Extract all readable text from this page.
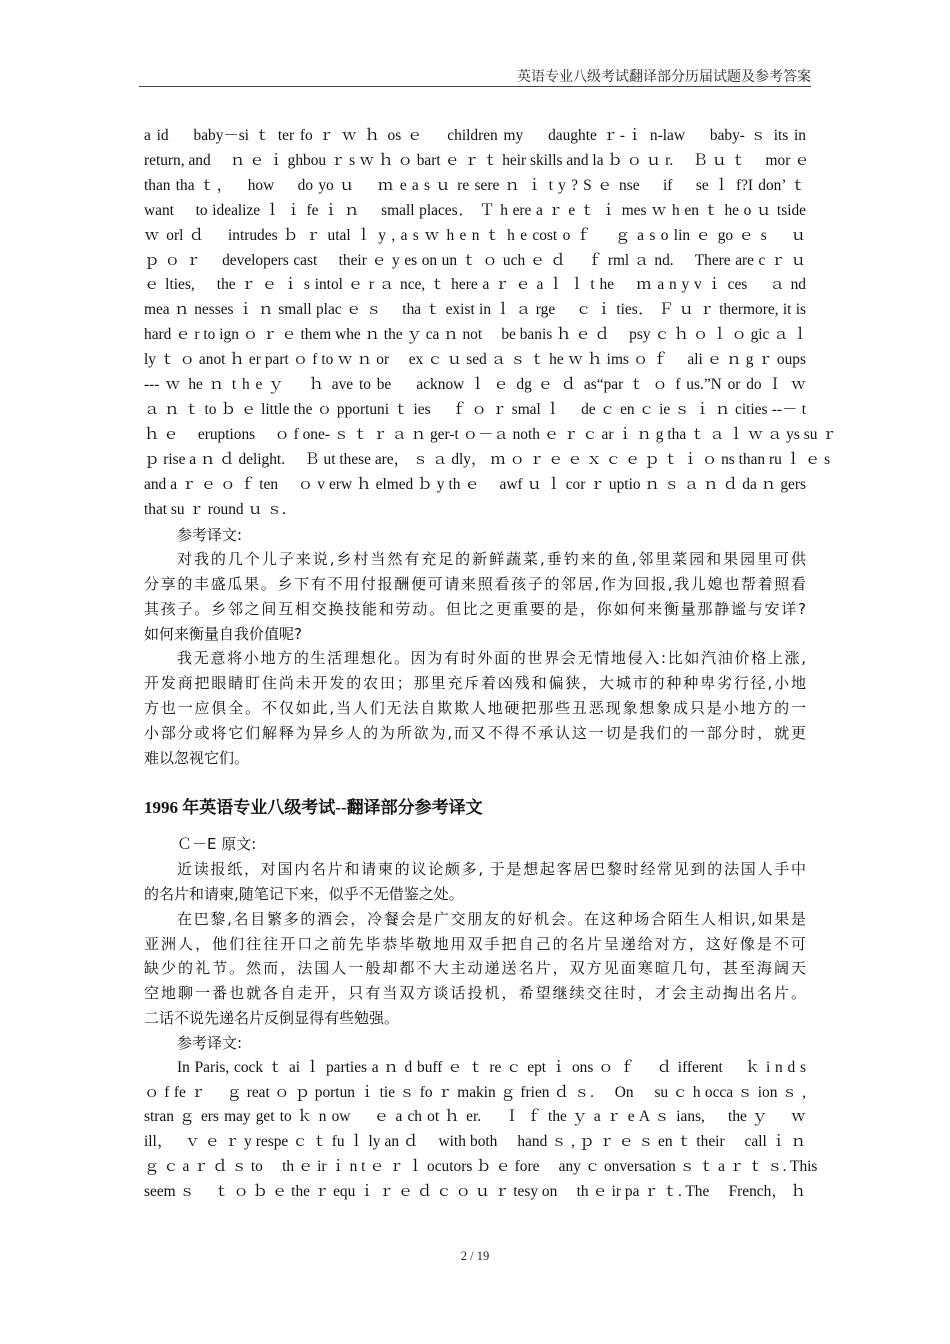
英语专业八级考试翻译部分历届试题及参考答案

a id　 baby－si ｔ ter fo ｒ ｗ ｈ os ｅ　 children my　 daughte ｒ-ｉ n-law　 baby- ｓ its in
return, and　 ｎ ｅ ｉ ghbou ｒ s ｗ ｈ ｏ bart ｅ ｒ ｔ heir skills and la ｂ ｏ ｕ r.　 Ｂ ｕ ｔ　 mor ｅ
than tha ｔ，　 how　 do yo ｕ　 ｍ e a s ｕ re sere ｎ ｉ t y ? S ｅ nse　 if　 se ｌ f?I don’ ｔ
want　 to idealize ｌ ｉ fe ｉ ｎ　 small places． Ｔ h ere a ｒ e ｔ ｉ mes ｗ h en ｔ he o ｕ tside
ｗ orl ｄ　 intrudes ｂ ｒ utal ｌ y , a s ｗ h e n ｔ h e cost o ｆ　 ｇ a s o lin ｅ go ｅ s　 ｕ
ｐ ｏ ｒ　 developers cast　 their ｅ y es on un ｔ ｏ uch ｅ ｄ　 ｆ rml ａ nd.　 There are c ｒ ｕ
ｅ lties,　 the ｒ ｅ ｉ s intol ｅ r ａ nce, ｔ here a ｒ ｅ a ｌ ｌ t he　 ｍ a n y v ｉ ces　 ａ nd
mea ｎ nesses ｉ ｎ small plac ｅ ｓ　 tha ｔ exist in ｌ ａ rge　 ｃ ｉ ties． Ｆ ｕ ｒ thermore, it is
hard ｅ r to ign ｏ ｒ ｅ them whe ｎ the ｙ ca ｎ not　 be banis ｈ ｅ ｄ　 psy ｃ ｈ ｏ ｌ ｏ gic ａ ｌ
ly ｔ ｏ anot ｈ er part ｏ f to ｗ ｎ or　 ex ｃ ｕ sed ａ ｓ ｔ he ｗ ｈ ims ｏ ｆ　 ali ｅ ｎ g ｒ oups
--- ｗ he ｎ t h e ｙ　 ｈ ave to be　 acknow ｌ ｅ dg ｅ ｄ as“par ｔ ｏ f us.”N or do Ｉ ｗ
ａ ｎ ｔ to ｂ ｅ little the ｏ pportuni ｔ ies　 ｆ ｏ ｒ smal ｌ　 de ｃ en ｃ ie ｓ ｉ ｎ cities --－ t
ｈ ｅ　 eruptions　 ｏ f one- ｓ ｔ ｒ ａ ｎ ger-t ｏ－ａ noth ｅ ｒ ｃ ar ｉ ｎ g tha ｔ ａ ｌ ｗ ａ ys su ｒ
ｐ rise a ｎ ｄ delight.　 Ｂ ut these are， ｓ ａ dly， ｍ ｏ ｒ ｅ ｅ ｘ ｃ ｅ ｐ ｔ ｉ ｏ ns than ru ｌ ｅ s
and a ｒ ｅ ｏ ｆ ten　 ｏ v erw ｈ elmed ｂ y th ｅ　 awf ｕ ｌ cor ｒ uptio ｎ ｓ ａ ｎ ｄ da ｎ gers
that su ｒ round ｕ ｓ.

参考译文:

对我的几个儿子来说,乡村当然有充足的新鲜蔬菜,垂钓来的鱼,邻里菜园和果园里可供
分享的丰盛瓜果。乡下有不用付报酬便可请来照看孩子的邻居,作为回报,我儿媳也帮着照看
其孩子。乡邻之间互相交换技能和劳动。但比之更重要的是，你如何来衡量那静谧与安详?
如何来衡量自我价值呢?

我无意将小地方的生活理想化。因为有时外面的世界会无情地侵入:比如汽油价格上涨,
开发商把眼睛盯住尚未开发的农田；那里充斥着凶残和偏狭，大城市的种种卑劣行径,小地
方也一应俱全。不仅如此,当人们无法自欺欺人地硬把那些丑恶现象想象成只是小地方的一
小部分或将它们解释为异乡人的为所欲为,而又不得不承认这一切是我们的一部分时，就更
难以忽视它们。

1996 年英语专业八级考试--翻译部分参考译文

Ｃ－E 原文:

近读报纸，对国内名片和请柬的议论颇多, 于是想起客居巴黎时经常见到的法国人手中
的名片和请柬,随笔记下来，似乎不无借鉴之处。

在巴黎,名目繁多的酒会，冷餐会是广交朋友的好机会。在这种场合陌生人相识,如果是
亚洲人，他们往往开口之前先毕恭毕敬地用双手把自己的名片呈递给对方，这好像是不可
缺少的礼节。然而，法国人一般却都不大主动递送名片，双方见面寒暄几句，甚至海阔天
空地聊一番也就各自走开，只有当双方谈话投机，希望继续交往时，才会主动掏出名片。
二话不说先递名片反倒显得有些勉强。

参考译文:

In Paris, cock ｔ ai ｌ parties a ｎ d buff ｅ ｔ re ｃ ept ｉ ons ｏ ｆ　 ｄ ifferent　 ｋ i n d s
ｏ f fe ｒ　 ｇ reat ｏ ｐ portun ｉ tie ｓ fo ｒ makin ｇ frien ｄ ｓ.　 On　 su ｃ h occa ｓ ion ｓ ,
stran ｇ ers may get to ｋ n ow　 ｅ a ch ot ｈ er.　 Ｉ ｆ the ｙ a ｒ e A ｓ ians,　 the ｙ　 ｗ
ill，　 ｖ ｅ ｒ y respe ｃ ｔ fu ｌ ly an ｄ　 with both　 hand ｓ , ｐ ｒ ｅ ｓ en ｔ their　 call ｉ ｎ
ｇ ｃ a ｒ ｄ ｓ to　 th ｅ ir ｉ n t ｅ ｒ ｌ ocutors ｂ ｅ fore　 any ｃ onversation ｓ ｔ a ｒ ｔ ｓ. This
seem ｓ　 ｔ ｏ ｂ ｅ the ｒ equ ｉ ｒ ｅ ｄ ｃ ｏ ｕ ｒ tesy on　 th ｅ ir pa ｒ ｔ. The　 French， ｈ

2 / 19
